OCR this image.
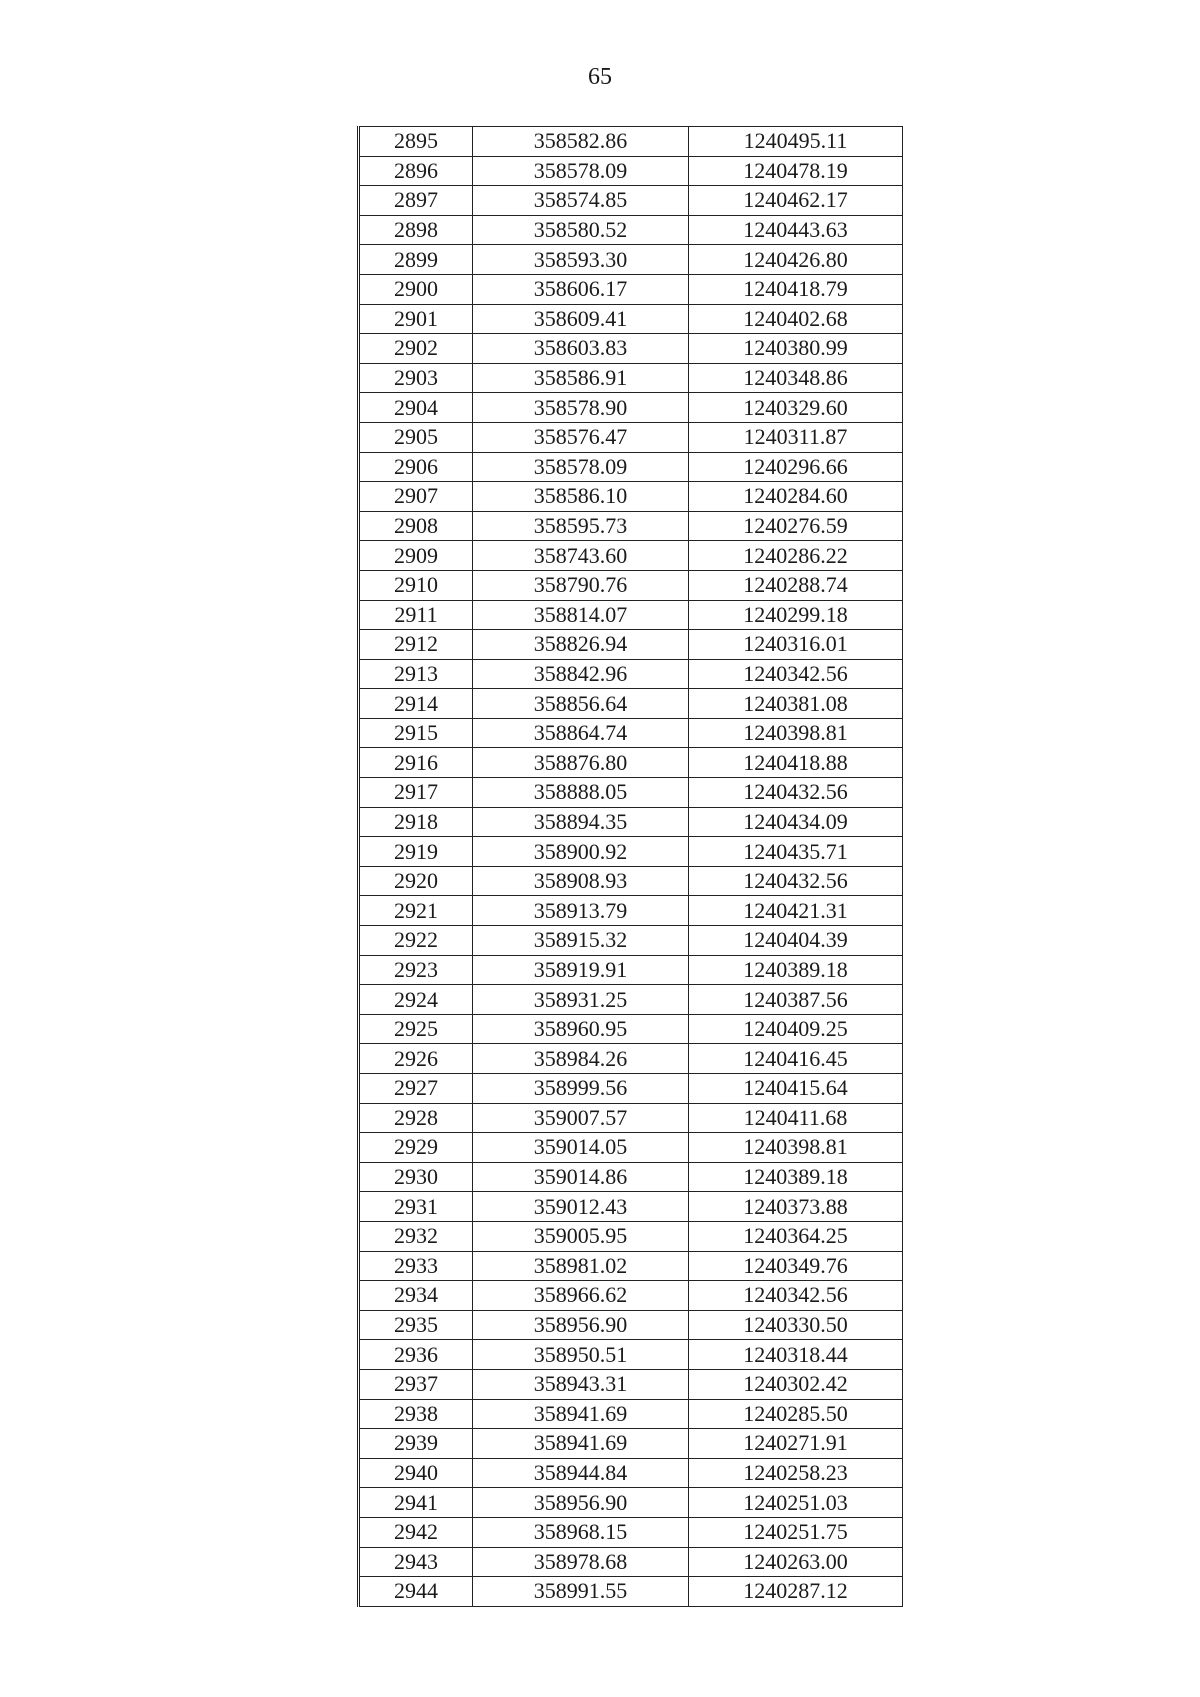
65
2895	358582.86	1240495.11
2896	358578.09	1240478.19
2897	358574.85	1240462.17
2898	358580.52	1240443.63
2899	358593.30	1240426.80
2900	358606.17	1240418.79
2901	358609.41	1240402.68
2902	358603.83	1240380.99
2903	358586.91	1240348.86
2904	358578.90	1240329.60
2905	358576.47	1240311.87
2906	358578.09	1240296.66
2907	358586.10	1240284.60
2908	358595.73	1240276.59
2909	358743.60	1240286.22
2910	358790.76	1240288.74
2911	358814.07	1240299.18
2912	358826.94	1240316.01
2913	358842.96	1240342.56
2914	358856.64	1240381.08
2915	358864.74	1240398.81
2916	358876.80	1240418.88
2917	358888.05	1240432.56
2918	358894.35	1240434.09
2919	358900.92	1240435.71
2920	358908.93	1240432.56
2921	358913.79	1240421.31
2922	358915.32	1240404.39
2923	358919.91	1240389.18
2924	358931.25	1240387.56
2925	358960.95	1240409.25
2926	358984.26	1240416.45
2927	358999.56	1240415.64
2928	359007.57	1240411.68
2929	359014.05	1240398.81
2930	359014.86	1240389.18
2931	359012.43	1240373.88
2932	359005.95	1240364.25
2933	358981.02	1240349.76
2934	358966.62	1240342.56
2935	358956.90	1240330.50
2936	358950.51	1240318.44
2937	358943.31	1240302.42
2938	358941.69	1240285.50
2939	358941.69	1240271.91
2940	358944.84	1240258.23
2941	358956.90	1240251.03
2942	358968.15	1240251.75
2943	358978.68	1240263.00
2944	358991.55	1240287.12
